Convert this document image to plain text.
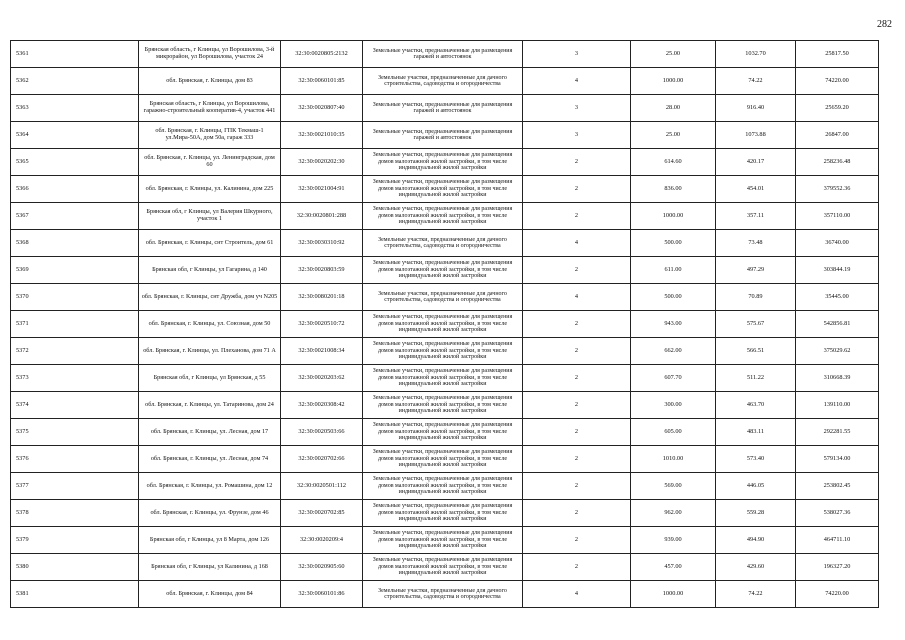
282
5361	Брянская область, г Клинцы, ул Ворошилова, 3-й микрорайон, ул Ворошилова, участок 24	32:30:0020805:2132	Земельные участки, предназначенные для размещения гаражей и автостоянок	3	25.00	1032.70	25817.50
5362	обл. Брянская, г. Клинцы, дом 83	32:30:0060101:85	Земельные участки, предназначенные для дачного строительства, садоводства и огородничества	4	1000.00	74.22	74220.00
5363	Брянская область, г Клинцы, ул Ворошилова, гаражно-строительный кооператив-4, участок 441	32:30:0020807:40	Земельные участки, предназначенные для размещения гаражей и автостоянок	3	28.00	916.40	25659.20
5364	обл. Брянская, г. Клинцы, ГПК Текмаш-1 ул.Мира-50А, дом 50а, гараж 333	32:30:0021010:35	Земельные участки, предназначенные для размещения гаражей и автостоянок	3	25.00	1073.88	26847.00
5365	обл. Брянская, г. Клинцы, ул. Ленинградская, дом 60	32:30:0020202:30	Земельные участки, предназначенные для размещения домов малоэтажной жилой застройки, в том числе индивидуальной жилой застройки	2	614.60	420.17	258236.48
5366	обл. Брянская, г. Клинцы, ул. Калинина, дом 225	32:30:0021004:91	Земельные участки, предназначенные для размещения домов малоэтажной жилой застройки, в том числе индивидуальной жилой застройки	2	836.00	454.01	379552.36
5367	Брянская обл, г Клинцы, ул Валерия Шкурного, участок 1	32:30:0020801:288	Земельные участки, предназначенные для размещения домов малоэтажной жилой застройки, в том числе индивидуальной жилой застройки	2	1000.00	357.11	357110.00
5368	обл. Брянская, г. Клинцы, снт Строитель, дом 61	32:30:0030310:92	Земельные участки, предназначенные для дачного строительства, садоводства и огородничества	4	500.00	73.48	36740.00
5369	Брянская обл, г Клинцы, ул Гагарина, д 140	32:30:0020803:59	Земельные участки, предназначенные для размещения домов малоэтажной жилой застройки, в том числе индивидуальной жилой застройки	2	611.00	497.29	303844.19
5370	обл. Брянская, г. Клинцы, снт Дружба, дом уч N205	32:30:0080201:18	Земельные участки, предназначенные для дачного строительства, садоводства и огородничества	4	500.00	70.89	35445.00
5371	обл. Брянская, г. Клинцы, ул. Союзная, дом 50	32:30:0020510:72	Земельные участки, предназначенные для размещения домов малоэтажной жилой застройки, в том числе индивидуальной жилой застройки	2	943.00	575.67	542856.81
5372	обл. Брянская, г. Клинцы, ул. Плеханова, дом 71 А	32:30:0021008:34	Земельные участки, предназначенные для размещения домов малоэтажной жилой застройки, в том числе индивидуальной жилой застройки	2	662.00	566.51	375029.62
5373	Брянская обл, г Клинцы, ул Брянская, д 55	32:30:0020203:62	Земельные участки, предназначенные для размещения домов малоэтажной жилой застройки, в том числе индивидуальной жилой застройки	2	607.70	511.22	310668.39
5374	обл. Брянская, г. Клинцы, ул. Татаринова, дом 24	32:30:0020308:42	Земельные участки, предназначенные для размещения домов малоэтажной жилой застройки, в том числе индивидуальной жилой застройки	2	300.00	463.70	139110.00
5375	обл. Брянская, г. Клинцы, ул. Лесная, дом 17	32:30:0020503:66	Земельные участки, предназначенные для размещения домов малоэтажной жилой застройки, в том числе индивидуальной жилой застройки	2	605.00	483.11	292281.55
5376	обл. Брянская, г. Клинцы, ул. Лесная, дом 74	32:30:0020702:66	Земельные участки, предназначенные для размещения домов малоэтажной жилой застройки, в том числе индивидуальной жилой застройки	2	1010.00	573.40	579134.00
5377	обл. Брянская, г. Клинцы, ул. Ромашина, дом 12	32:30:0020501:112	Земельные участки, предназначенные для размещения домов малоэтажной жилой застройки, в том числе индивидуальной жилой застройки	2	569.00	446.05	253802.45
5378	обл. Брянская, г. Клинцы, ул. Фрунзе, дом 46	32:30:0020702:85	Земельные участки, предназначенные для размещения домов малоэтажной жилой застройки, в том числе индивидуальной жилой застройки	2	962.00	559.28	538027.36
5379	Брянская обл, г Клинцы, ул 8 Марта, дом 126	32:30:0020209:4	Земельные участки, предназначенные для размещения домов малоэтажной жилой застройки, в том числе индивидуальной жилой застройки	2	939.00	494.90	464711.10
5380	Брянская обл, г Клинцы, ул Калинина, д 168	32:30:0020905:60	Земельные участки, предназначенные для размещения домов малоэтажной жилой застройки, в том числе индивидуальной жилой застройки	2	457.00	429.60	196327.20
5381	обл. Брянская, г. Клинцы, дом 84	32:30:0060101:86	Земельные участки, предназначенные для дачного строительства, садоводства и огородничества	4	1000.00	74.22	74220.00
